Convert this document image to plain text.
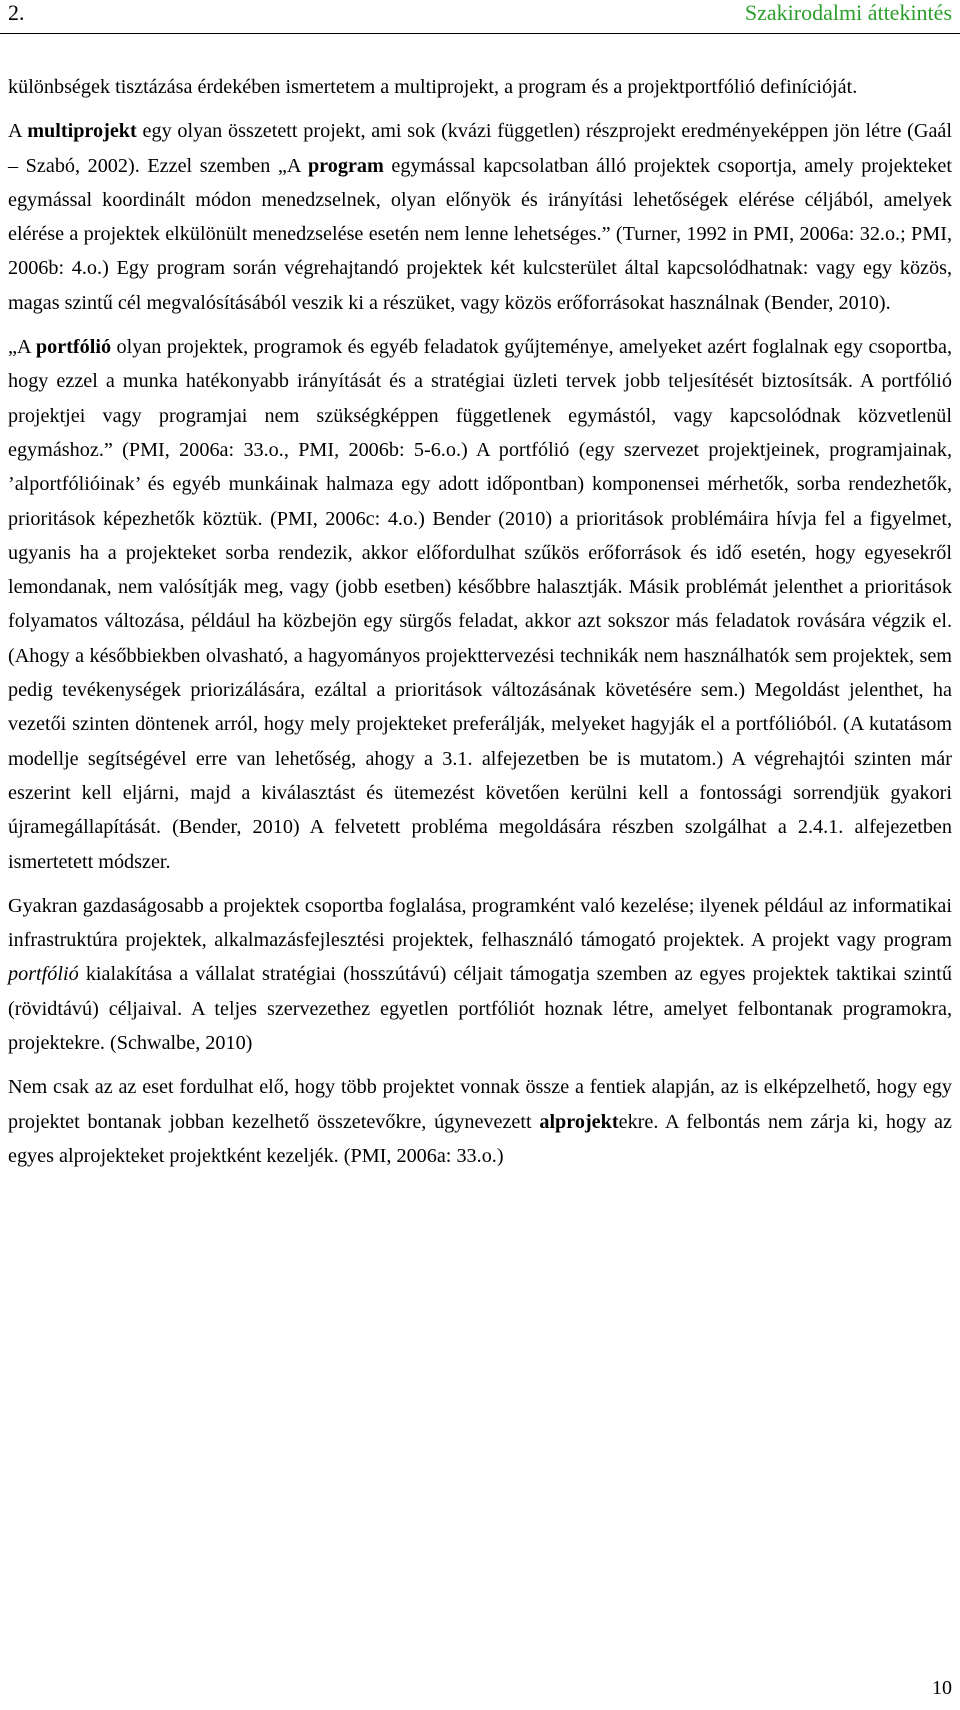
2.	Szakirodalmi áttekintés

különbségek tisztázása érdekében ismertetem a multiprojekt, a program és a projektportfólió definícióját.

A multiprojekt egy olyan összetett projekt, ami sok (kvázi független) részprojekt eredményeképpen jön létre (Gaál – Szabó, 2002). Ezzel szemben „A program egymással kapcsolatban álló projektek csoportja, amely projekteket egymással koordinált módon menedzselnek, olyan előnyök és irányítási lehetőségek elérése céljából, amelyek elérése a projektek elkülönült menedzselése esetén nem lenne lehetséges.” (Turner, 1992 in PMI, 2006a: 32.o.; PMI, 2006b: 4.o.) Egy program során végrehajtandó projektek két kulcsterület által kapcsolódhatnak: vagy egy közös, magas szintű cél megvalósításából veszik ki a részüket, vagy közös erőforrásokat használnak (Bender, 2010).

„A portfólió olyan projektek, programok és egyéb feladatok gyűjteménye, amelyeket azért foglalnak egy csoportba, hogy ezzel a munka hatékonyabb irányítását és a stratégiai üzleti tervek jobb teljesítését biztosítsák. A portfólió projektjei vagy programjai nem szükségképpen függetlenek egymástól, vagy kapcsolódnak közvetlenül egymáshoz.” (PMI, 2006a: 33.o., PMI, 2006b: 5-6.o.) A portfólió (egy szervezet projektjeinek, programjainak, ’alportfólióinak’ és egyéb munkáinak halmaza egy adott időpontban) komponensei mérhetők, sorba rendezhetők, prioritások képezhetők köztük. (PMI, 2006c: 4.o.) Bender (2010) a prioritások problémáira hívja fel a figyelmet, ugyanis ha a projekteket sorba rendezik, akkor előfordulhat szűkös erőforrások és idő esetén, hogy egyesekről lemondanak, nem valósítják meg, vagy (jobb esetben) későbbre halasztják. Másik problémát jelenthet a prioritások folyamatos változása, például ha közbejön egy sürgős feladat, akkor azt sokszor más feladatok rovására végzik el. (Ahogy a későbbiekben olvasható, a hagyományos projekttervezési technikák nem használhatók sem projektek, sem pedig tevékenységek priorizálására, ezáltal a prioritások változásának követésére sem.) Megoldást jelenthet, ha vezetői szinten döntenek arról, hogy mely projekteket preferálják, melyeket hagyják el a portfólióból. (A kutatásom modellje segítségével erre van lehetőség, ahogy a 3.1. alfejezetben be is mutatom.) A végrehajtói szinten már eszerint kell eljárni, majd a kiválasztást és ütemezést követően kerülni kell a fontossági sorrendjük gyakori újramegállapítását. (Bender, 2010) A felvetett probléma megoldására részben szolgálhat a 2.4.1. alfejezetben ismertetett módszer.

Gyakran gazdaságosabb a projektek csoportba foglalása, programként való kezelése; ilyenek például az informatikai infrastruktúra projektek, alkalmazásfejlesztési projektek, felhasználó támogató projektek. A projekt vagy program portfólió kialakítása a vállalat stratégiai (hosszútávú) céljait támogatja szemben az egyes projektek taktikai szintű (rövidtávú) céljaival. A teljes szervezethez egyetlen portfóliót hoznak létre, amelyet felbontanak programokra, projektekre. (Schwalbe, 2010)

Nem csak az az eset fordulhat elő, hogy több projektet vonnak össze a fentiek alapján, az is elképzelhető, hogy egy projektet bontanak jobban kezelhető összetevőkre, úgynevezett alprojektekre. A felbontás nem zárja ki, hogy az egyes alprojekteket projektként kezeljék. (PMI, 2006a: 33.o.)

10
